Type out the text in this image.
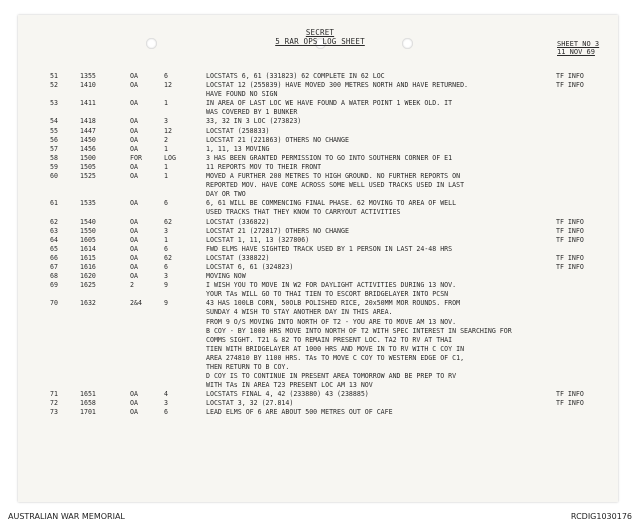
SECRET
5 RAR OPS LOG SHEET	SHEET NO 3
11 NOV 69
51	1355	OA	6	LOCSTATS 6, 61 (331823) 62 COMPLETE IN 62 LOC	TF INFO
52	1410	OA	12	LOCSTAT 12 (255839) HAVE MOVED 300 METRES NORTH AND HAVE RETURNED.	TF INFO
HAVE FOUND NO SIGN
53	1411	OA	1	IN AREA OF LAST LOC WE HAVE FOUND A WATER POINT 1 WEEK OLD. IT
WAS COVERED BY 1 BUNKER
54	1418	OA	3	33, 32 IN 3 LOC (273823)
55	1447	OA	12	LOCSTAT (258833)
56	1450	OA	2	LOCSTAT 21 (221863) OTHERS NO CHANGE
57	1456	OA	1	1, 11, 13 MOVING
58	1500	FOR	LOG	3 HAS BEEN GRANTED PERMISSION TO GO INTO SOUTHERN CORNER OF E1
59	1505	OA	1	11 REPORTS MOV TO THEIR FRONT
60	1525	OA	1	MOVED A FURTHER 200 METRES TO HIGH GROUND. NO FURTHER REPORTS ON
REPORTED MOV. HAVE COME ACROSS SOME WELL USED TRACKS USED IN LAST
DAY OR TWO
61	1535	OA	6	6, 61 WILL BE COMMENCING FINAL PHASE. 62 MOVING TO AREA OF WELL
USED TRACKS THAT THEY KNOW TO CARRYOUT ACTIVITIES
62	1540	OA	62	LOCSTAT (336822)	TF INFO
63	1550	OA	3	LOCSTAT 21 (272817) OTHERS NO CHANGE	TF INFO
64	1605	OA	1	LOCSTAT 1, 11, 13 (327806)	TF INFO
65	1614	OA	6	FWD ELMS HAVE SIGHTED TRACK USED BY 1 PERSON IN LAST 24-48 HRS
66	1615	OA	62	LOCSTAT (338822)	TF INFO
67	1616	OA	6	LOCSTAT 6, 61 (324823)	TF INFO
68	1620	OA	3	MOVING NOW
69	1625	2	9	I WISH YOU TO MOVE IN W2 FOR DAYLIGHT ACTIVITIES DURING 13 NOV.
YOUR TAs WILL GO TO THAI TIEN TO ESCORT BRIDGELAYER INTO PCSN
70	1632	2&4	9	43 HAS 100LB CORN, 50OLB POLISHED RICE, 20x50MM MOR ROUNDS. FROM
SUNDAY 4 WISH TO STAY ANOTHER DAY IN THIS AREA.
FROM 9 O/S MOVING INTO NORTH OF T2 - YOU ARE TO MOVE AM 13 NOV.
B COY - BY 1000 HRS MOVE INTO NORTH OF T2 WITH SPEC INTEREST IN SEARCHING FOR
COMMS SIGHT. T21 & 82 TO REMAIN PRESENT LOC. TA2 TO RV AT THAI
TIEN WITH BRIDGELAYER AT 1000 HRS AND MOVE IN TO RV WITH C COY IN
AREA 274810 BY 1100 HRS. TAs TO MOVE C COY TO WESTERN EDGE OF C1,
THEN RETURN TO B COY.
D COY IS TO CONTINUE IN PRESENT AREA TOMORROW AND BE PREP TO RV
WITH TAs IN AREA T23 PRESENT LOC AM 13 NOV
71	1651	OA	4	LOCSTATS FINAL 4, 42 (233880) 43 (238885)	TF INFO
72	1658	OA	3	LOCSTAT 3, 32 (27.814)	TF INFO
73	1701	OA	6	LEAD ELMS OF 6 ARE ABOUT 500 METRES OUT OF CAFE
AUSTRALIAN WAR MEMORIAL	RCDIG1030176
